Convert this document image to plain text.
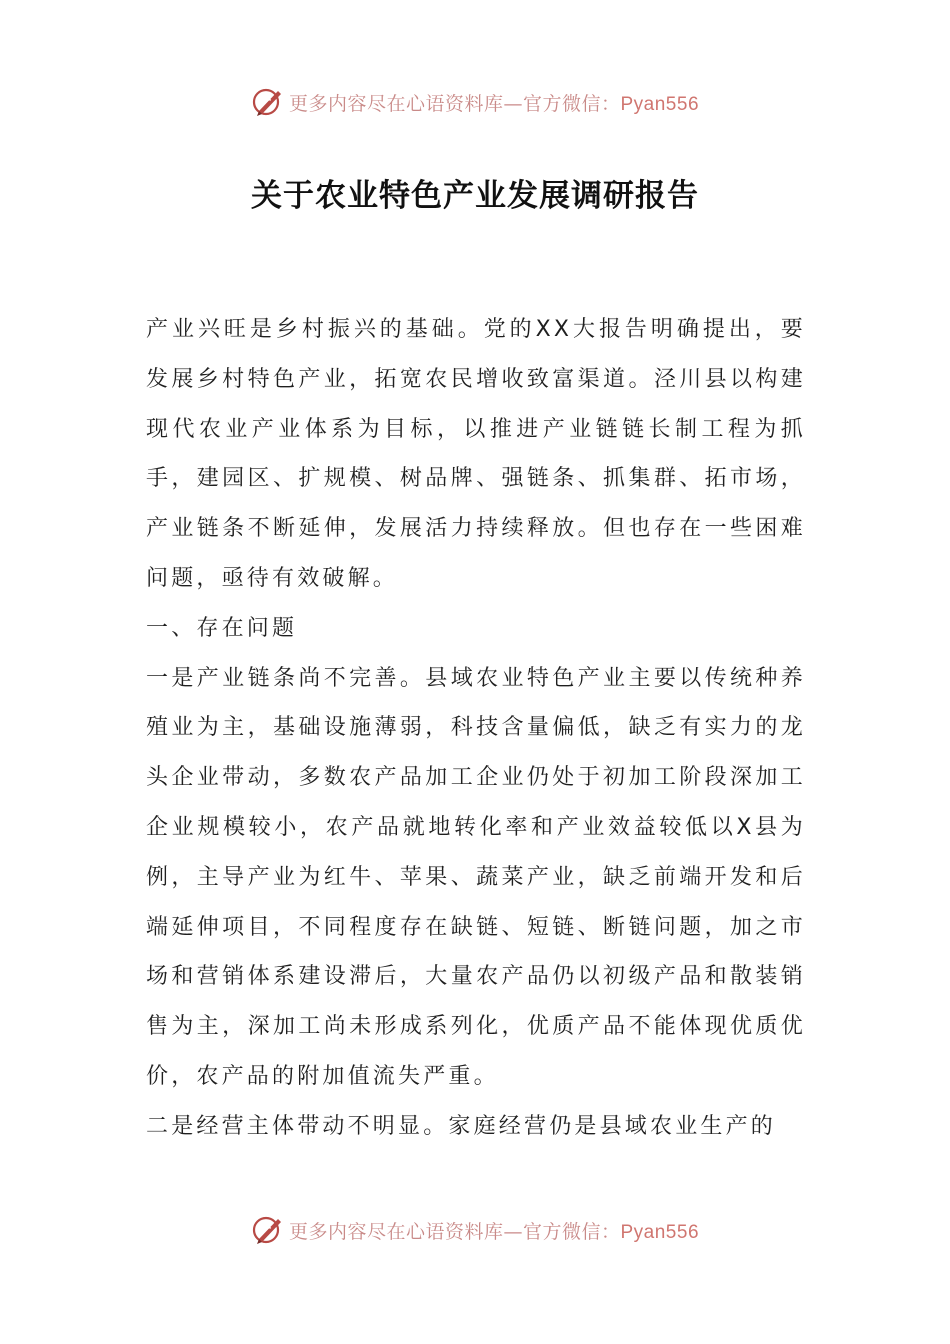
更多内容尽在心语资料库—官方微信：Pyan556
关于农业特色产业发展调研报告

产业兴旺是乡村振兴的基础。党的XX大报告明确提出，要发展乡村特色产业，拓宽农民增收致富渠道。泾川县以构建现代农业产业体系为目标，以推进产业链链长制工程为抓手，建园区、扩规模、树品牌、强链条、抓集群、拓市场，产业链条不断延伸，发展活力持续释放。但也存在一些困难问题，亟待有效破解。

一、存在问题

一是产业链条尚不完善。县域农业特色产业主要以传统种养殖业为主，基础设施薄弱，科技含量偏低，缺乏有实力的龙头企业带动，多数农产品加工企业仍处于初加工阶段深加工企业规模较小，农产品就地转化率和产业效益较低以X县为例，主导产业为红牛、苹果、蔬菜产业，缺乏前端开发和后端延伸项目，不同程度存在缺链、短链、断链问题，加之市场和营销体系建设滞后，大量农产品仍以初级产品和散装销售为主，深加工尚未形成系列化，优质产品不能体现优质优价，农产品的附加值流失严重。

二是经营主体带动不明显。家庭经营仍是县域农业生产的

更多内容尽在心语资料库—官方微信：Pyan556
